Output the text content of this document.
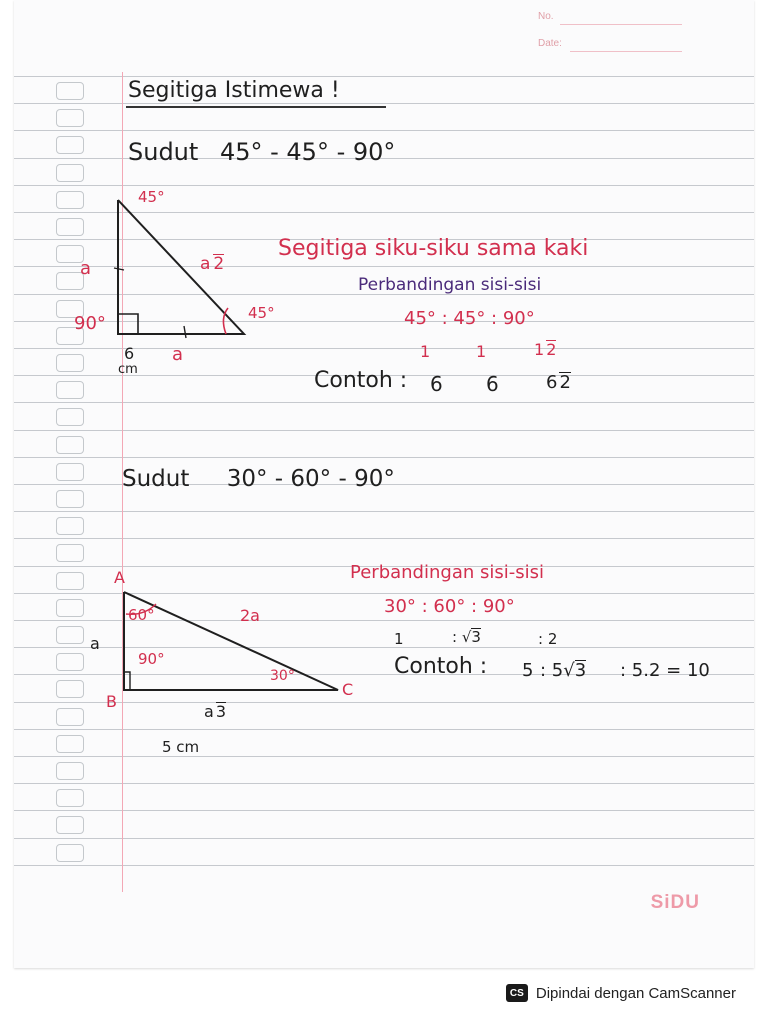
No.
Date:
Segitiga Istimewa !
Sudut 45° - 45° - 90°
45°
a	a 2
90°	45°
6
cm
a
Segitiga siku-siku sama kaki
Perbandingan sisi-sisi
45° : 45° : 90°
1	1	1 2
Contoh : 6 6	6 2
Sudut 30° - 60° - 90°
A
B
C
60°
90°
30°
a
2a
a 3
5 cm
Perbandingan sisi-sisi
30° : 60° : 90°
1	: √3	: 2
Contoh : 5 : 5√3 : 5.2 = 10
SiDU
CS Dipindai dengan CamScanner
